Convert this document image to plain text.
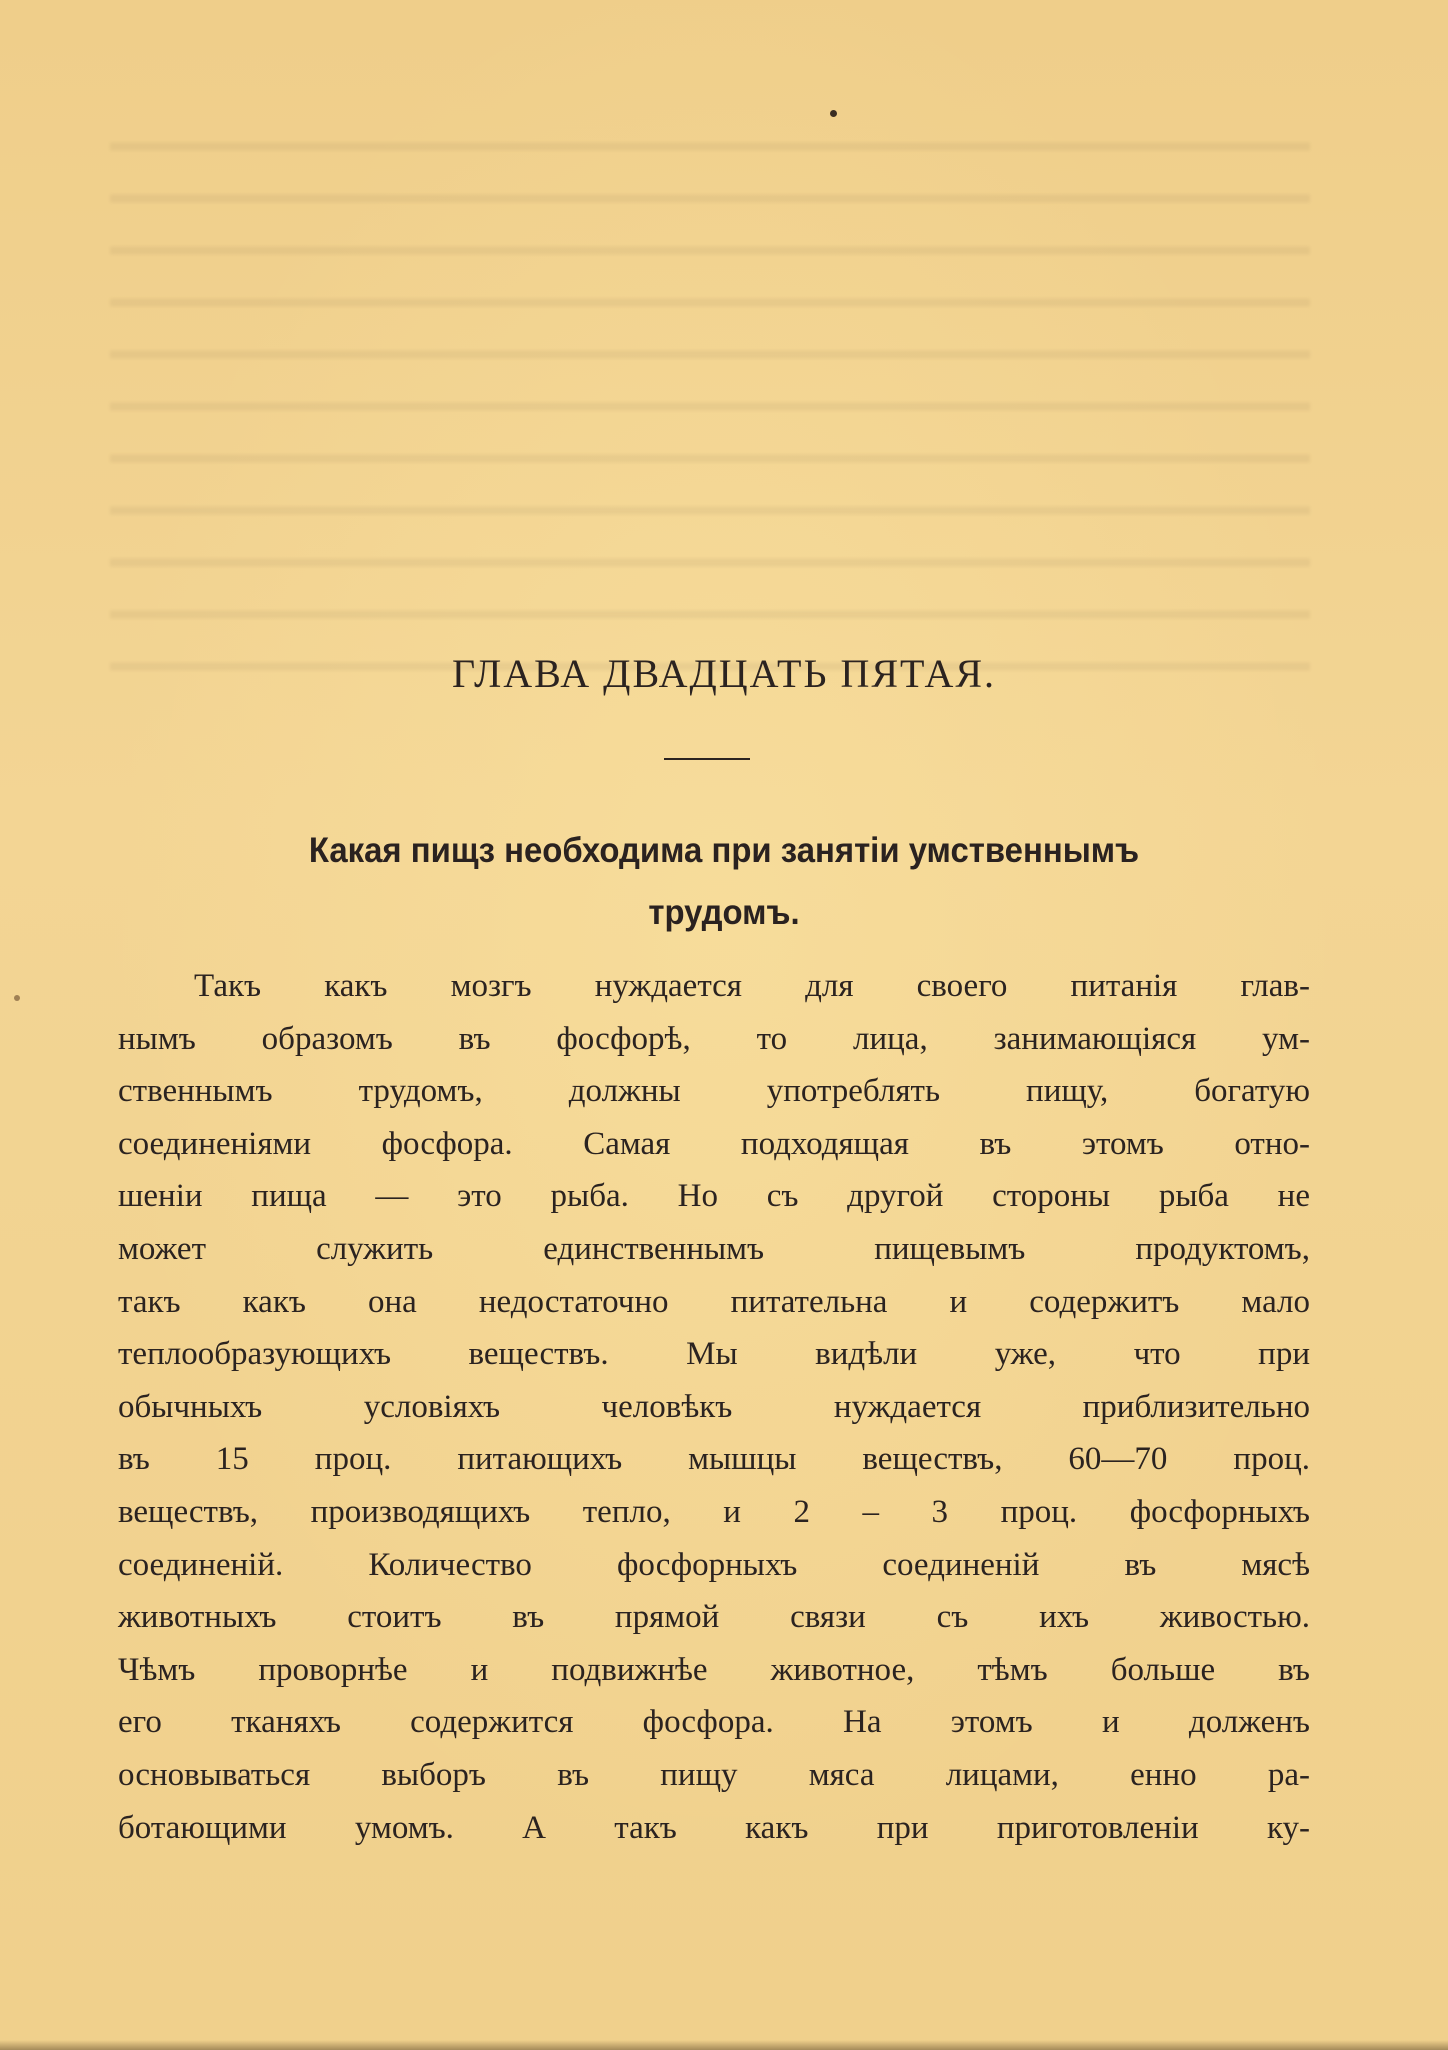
ГЛАВА ДВАДЦАТЬ ПЯТАЯ.
Какая пищз необходима при занятіи умственнымъ
трудомъ.
Такъ какъ мозгъ нуждается для своего питанія глав-
нымъ образомъ въ фосфорѣ, то лица, занимающіяся ум-
ственнымъ трудомъ, должны употреблять пищу, богатую
соединеніями фосфора. Самая подходящая въ этомъ отно-
шеніи пища — это рыба. Но съ другой стороны рыба не
может служить единственнымъ пищевымъ продуктомъ,
такъ какъ она недостаточно питательна и содержитъ мало
теплообразующихъ веществъ. Мы видѣли уже, что при
обычныхъ условіяхъ человѣкъ нуждается приблизительно
въ 15 проц. питающихъ мышцы веществъ, 60—70 проц.
веществъ, производящихъ тепло, и 2 – 3 проц. фосфорныхъ
соединеній. Количество фосфорныхъ соединеній въ мясѣ
животныхъ стоитъ въ прямой связи съ ихъ живостью.
Чѣмъ проворнѣе и подвижнѣе животное, тѣмъ больше въ
его тканяхъ содержится фосфора. На этомъ и долженъ
основываться выборъ въ пищу мяса лицами, енно ра-
ботающими умомъ. А такъ какъ при приготовленіи ку-
